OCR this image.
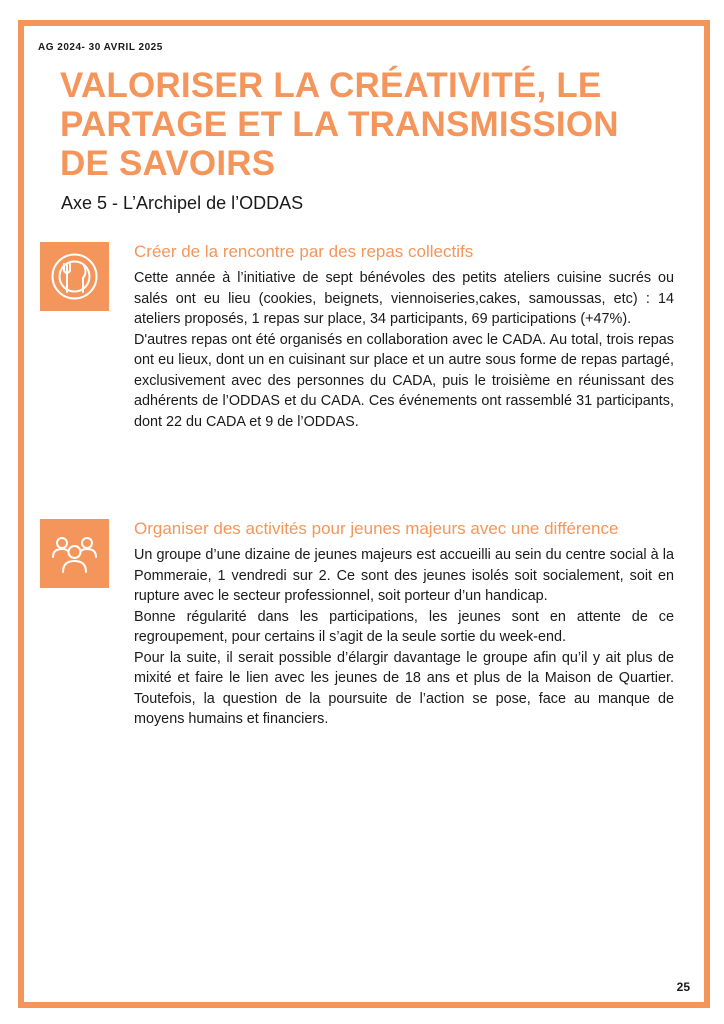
AG 2024- 30 AVRIL 2025
VALORISER LA CRÉATIVITÉ, LE PARTAGE ET LA TRANSMISSION DE SAVOIRS
Axe 5 - L’Archipel de l’ODDAS
Créer de la rencontre par des repas collectifs

Cette année à l’initiative de sept bénévoles des petits ateliers cuisine sucrés ou salés ont eu lieu (cookies, beignets, viennoiseries,cakes, samoussas, etc) : 14 ateliers proposés, 1 repas sur place, 34 participants, 69 participations (+47%).

D'autres repas ont été organisés en collaboration avec le CADA. Au total, trois repas ont eu lieux, dont un en cuisinant sur place et un autre sous forme de repas partagé, exclusivement avec des personnes du CADA, puis le troisième en réunissant des adhérents de l’ODDAS et du CADA. Ces événements ont rassemblé 31 participants, dont 22 du CADA et 9 de l’ODDAS.

Organiser des activités pour jeunes majeurs avec une différence

Un groupe d’une dizaine de jeunes majeurs est accueilli au sein du centre social à la Pommeraie, 1 vendredi sur 2. Ce sont des jeunes isolés soit socialement, soit en rupture avec le secteur professionnel, soit porteur d’un handicap.

Bonne régularité dans les participations, les jeunes sont en attente de ce regroupement, pour certains il s’agit de la seule sortie du week-end.

Pour la suite, il serait possible d’élargir davantage le groupe afin qu’il y ait plus de mixité et faire le lien avec les jeunes de 18 ans et plus de la Maison de Quartier. Toutefois, la question de la poursuite de l’action se pose, face au manque de moyens humains et financiers.

25
